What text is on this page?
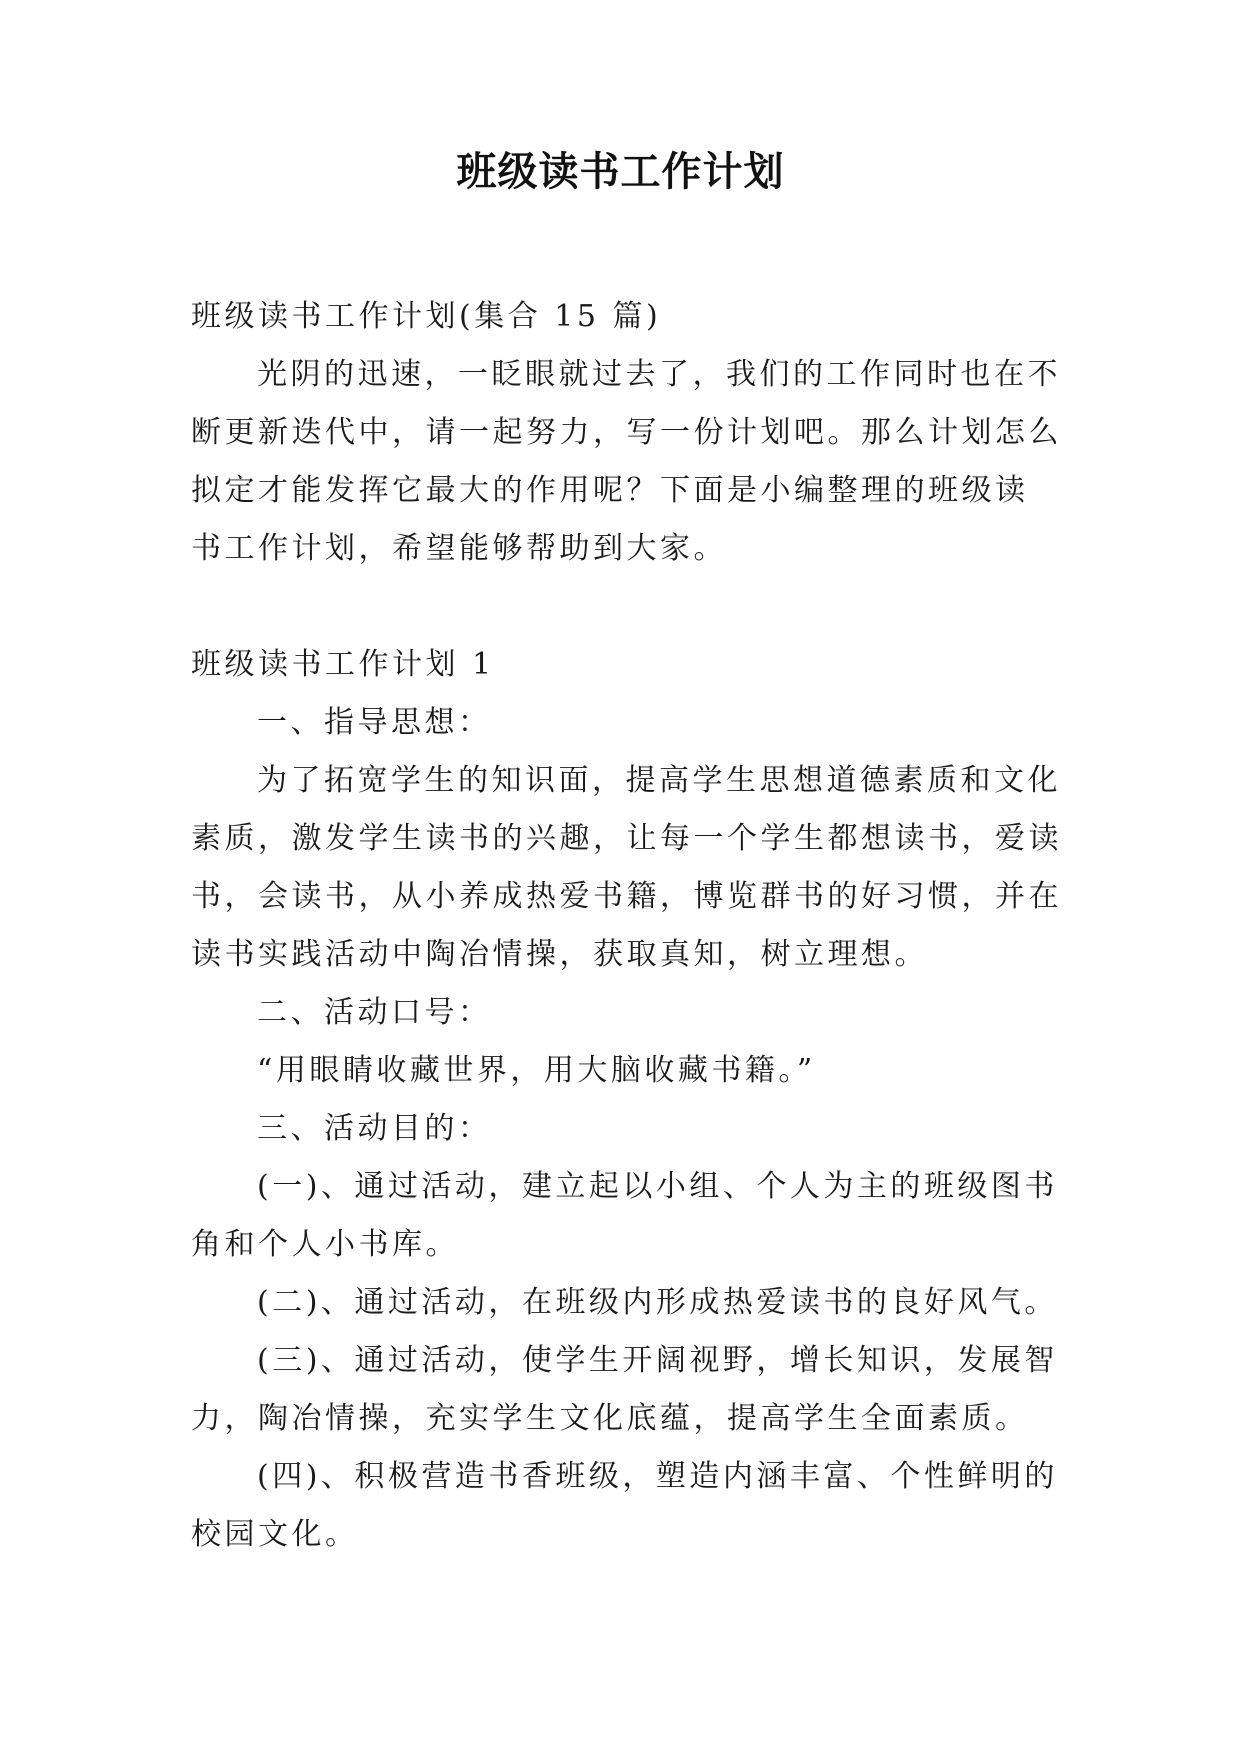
班级读书工作计划
班级读书工作计划(集合 15 篇)
光阴的迅速，一眨眼就过去了，我们的工作同时也在不
断更新迭代中，请一起努力，写一份计划吧。那么计划怎么
拟定才能发挥它最大的作用呢？下面是小编整理的班级读
书工作计划，希望能够帮助到大家。
班级读书工作计划 1
一、指导思想：
为了拓宽学生的知识面，提高学生思想道德素质和文化
素质，激发学生读书的兴趣，让每一个学生都想读书，爱读
书，会读书，从小养成热爱书籍，博览群书的好习惯，并在
读书实践活动中陶冶情操，获取真知，树立理想。
二、活动口号：
“用眼睛收藏世界，用大脑收藏书籍。”
三、活动目的：
(一)、通过活动，建立起以小组、个人为主的班级图书
角和个人小书库。
(二)、通过活动，在班级内形成热爱读书的良好风气。
(三)、通过活动，使学生开阔视野，增长知识，发展智
力，陶冶情操，充实学生文化底蕴，提高学生全面素质。
(四)、积极营造书香班级，塑造内涵丰富、个性鲜明的
校园文化。
